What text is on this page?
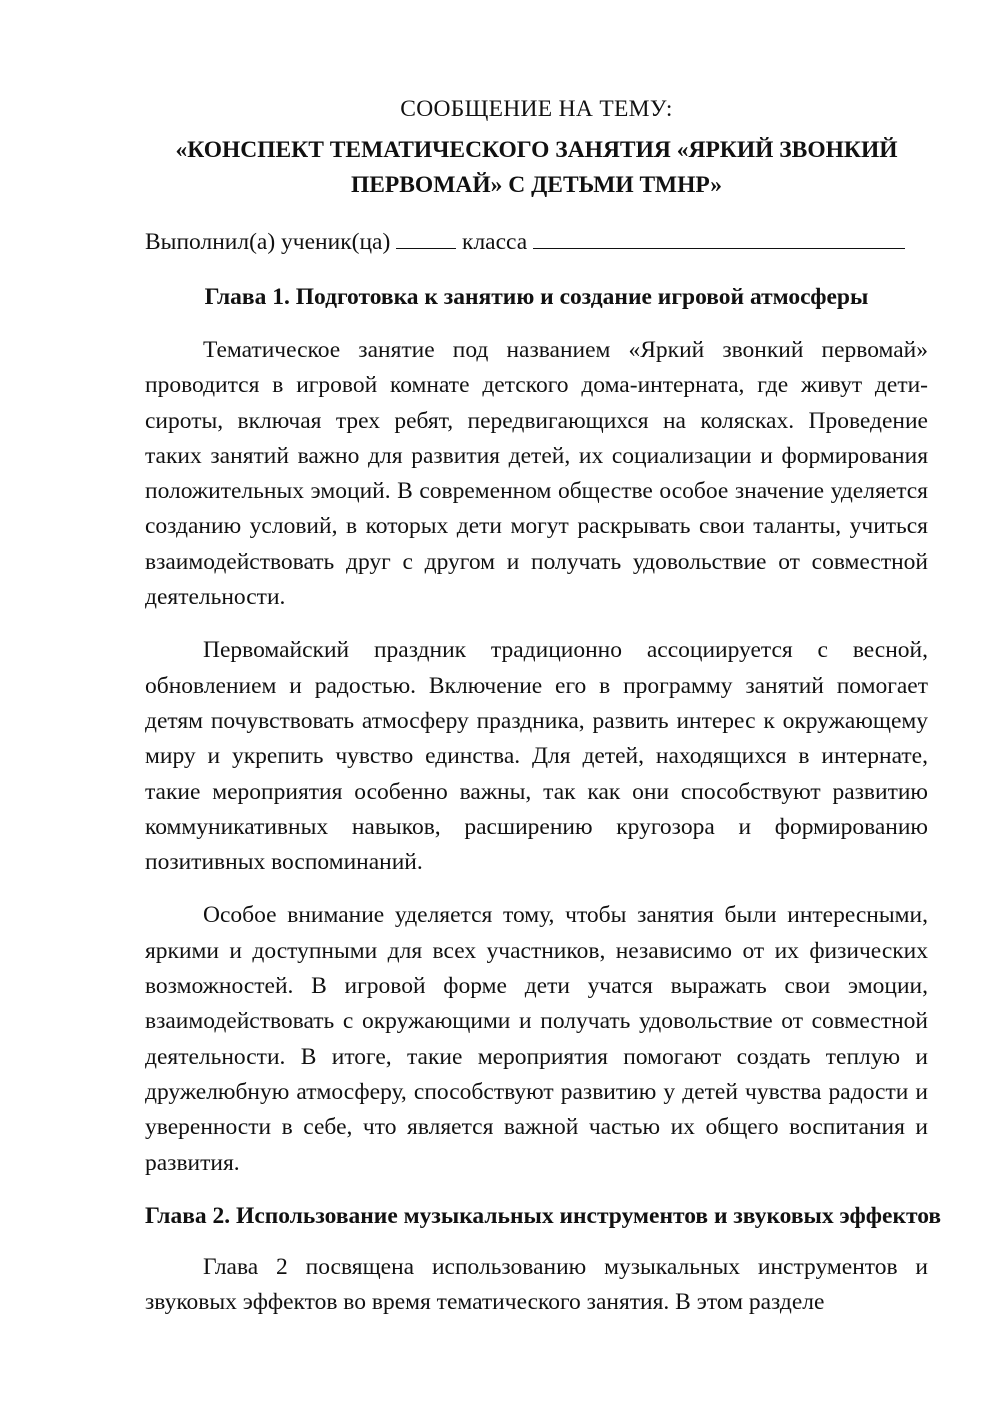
СООБЩЕНИЕ НА ТЕМУ:

«КОНСПЕКТ ТЕМАТИЧЕСКОГО ЗАНЯТИЯ «ЯРКИЙ ЗВОНКИЙ ПЕРВОМАЙ» С ДЕТЬМИ ТМНР»

Выполнил(а) ученик(ца)	класса

Глава 1. Подготовка к занятию и создание игровой атмосферы

Тематическое занятие под названием «Яркий звонкий первомай» проводится в игровой комнате детского дома-интерната, где живут дети-сироты, включая трех ребят, передвигающихся на колясках. Проведение таких занятий важно для развития детей, их социализации и формирования положительных эмоций. В современном обществе особое значение уделяется созданию условий, в которых дети могут раскрывать свои таланты, учиться взаимодействовать друг с другом и получать удовольствие от совместной деятельности.

Первомайский праздник традиционно ассоциируется с весной, обновлением и радостью. Включение его в программу занятий помогает детям почувствовать атмосферу праздника, развить интерес к окружающему миру и укрепить чувство единства. Для детей, находящихся в интернате, такие мероприятия особенно важны, так как они способствуют развитию коммуникативных навыков, расширению кругозора и формированию позитивных воспоминаний.

Особое внимание уделяется тому, чтобы занятия были интересными, яркими и доступными для всех участников, независимо от их физических возможностей. В игровой форме дети учатся выражать свои эмоции, взаимодействовать с окружающими и получать удовольствие от совместной деятельности. В итоге, такие мероприятия помогают создать теплую и дружелюбную атмосферу, способствуют развитию у детей чувства радости и уверенности в себе, что является важной частью их общего воспитания и развития.

Глава 2. Использование музыкальных инструментов и звуковых эффектов

Глава 2 посвящена использованию музыкальных инструментов и звуковых эффектов во время тематического занятия. В этом разделе
